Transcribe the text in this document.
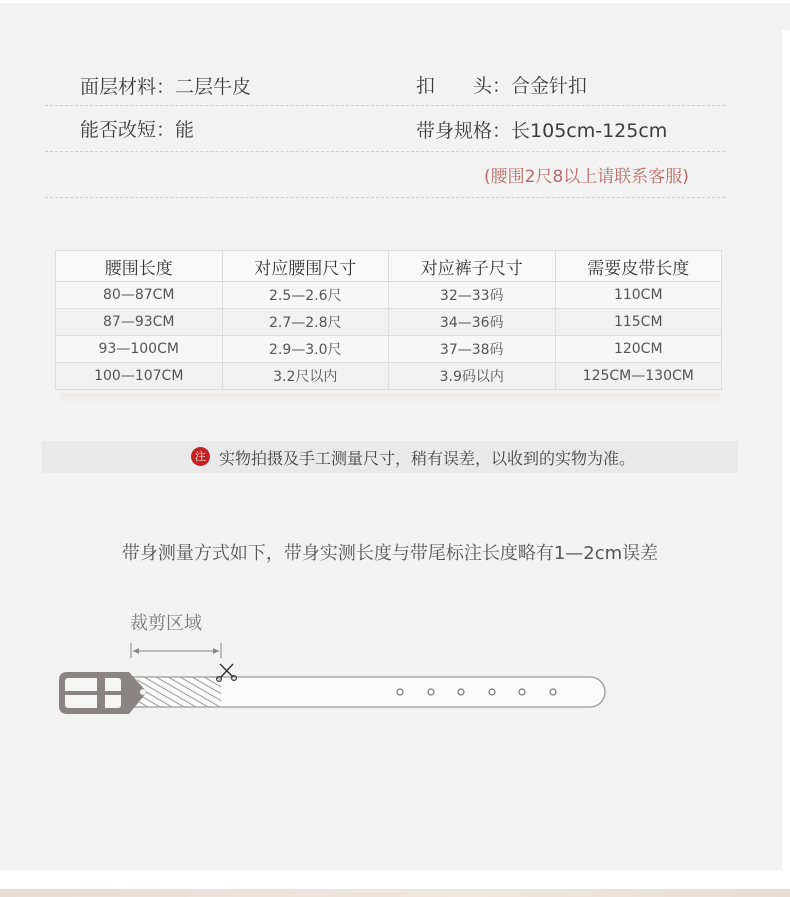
面层材料：二层牛皮	扣　　头：合金针扣
能否改短：能	带身规格：长105cm-125cm
(腰围2尺8以上请联系客服)
腰围长度	对应腰围尺寸	对应裤子尺寸	需要皮带长度
80—87CM	2.5—2.6尺	32—33码	110CM
87—93CM	2.7—2.8尺	34—36码	115CM
93—100CM	2.9—3.0尺	37—38码	120CM
100—107CM	3.2尺以内	3.9码以内	125CM—130CM
注 实物拍摄及手工测量尺寸，稍有误差，以收到的实物为准。
带身测量方式如下，带身实测长度与带尾标注长度略有1—2cm误差
裁剪区域
